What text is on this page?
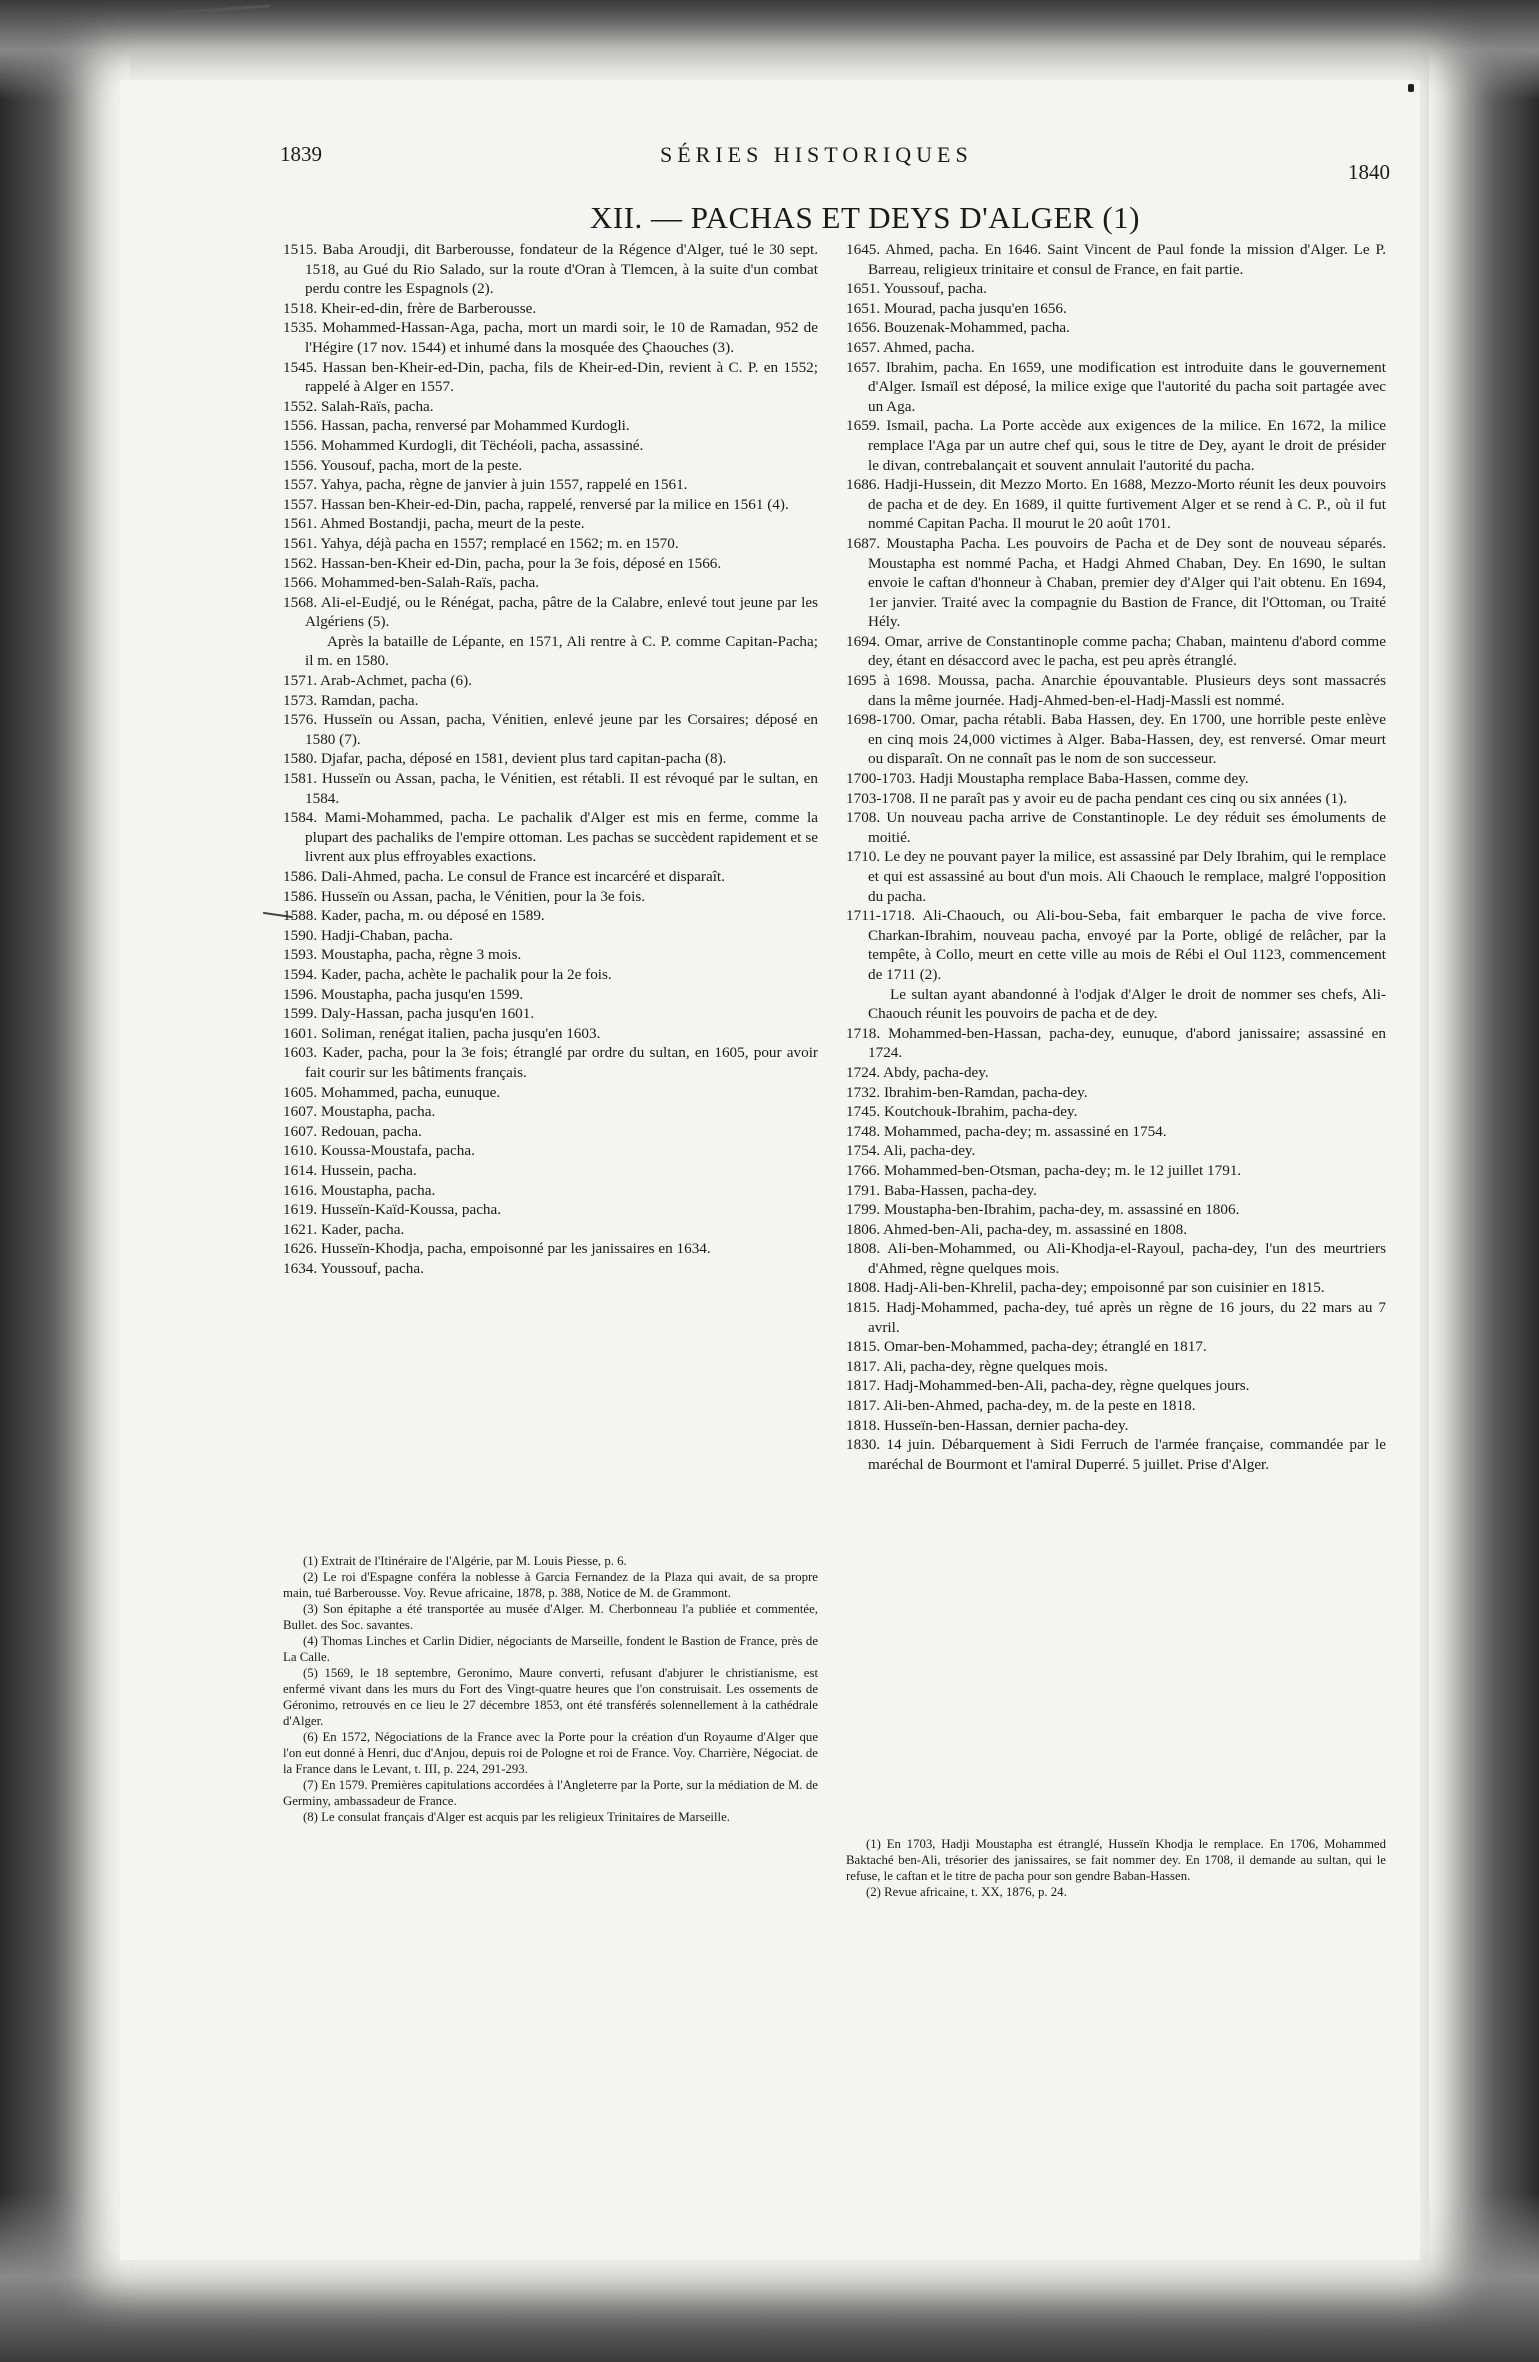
1839	SÉRIES HISTORIQUES
1840
XII. — PACHAS ET DEYS D'ALGER (1)

1515. Baba Aroudji, dit Barberousse, fondateur de la Régence d'Alger, tué le 30 sept. 1518, au Gué du Rio Salado, sur la route d'Oran à Tlemcen, à la suite d'un combat perdu contre les Espagnols (2).

1518. Kheir-ed-din, frère de Barberousse.

1535. Mohammed-Hassan-Aga, pacha, mort un mardi soir, le 10 de Ramadan, 952 de l'Hégire (17 nov. 1544) et inhumé dans la mosquée des Çhaouches (3).

1545. Hassan ben-Kheir-ed-Din, pacha, fils de Kheir-ed-Din, revient à C. P. en 1552; rappelé à Alger en 1557.

1552. Salah-Raïs, pacha.

1556. Hassan, pacha, renversé par Mohammed Kurdogli.

1556. Mohammed Kurdogli, dit Tëchéoli, pacha, assassiné.

1556. Yousouf, pacha, mort de la peste.

1557. Yahya, pacha, règne de janvier à juin 1557, rappelé en 1561.

1557. Hassan ben-Kheir-ed-Din, pacha, rappelé, renversé par la milice en 1561 (4).

1561. Ahmed Bostandji, pacha, meurt de la peste.

1561. Yahya, déjà pacha en 1557; remplacé en 1562; m. en 1570.

1562. Hassan-ben-Kheir ed-Din, pacha, pour la 3e fois, déposé en 1566.

1566. Mohammed-ben-Salah-Raïs, pacha.

1568. Ali-el-Eudjé, ou le Rénégat, pacha, pâtre de la Calabre, enlevé tout jeune par les Algériens (5).

Après la bataille de Lépante, en 1571, Ali rentre à C. P. comme Capitan-Pacha; il m. en 1580.

1571. Arab-Achmet, pacha (6).

1573. Ramdan, pacha.

1576. Husseïn ou Assan, pacha, Vénitien, enlevé jeune par les Corsaires; déposé en 1580 (7).

1580. Djafar, pacha, déposé en 1581, devient plus tard capitan-pacha (8).

1581. Husseïn ou Assan, pacha, le Vénitien, est rétabli. Il est révoqué par le sultan, en 1584.

1584. Mami-Mohammed, pacha. Le pachalik d'Alger est mis en ferme, comme la plupart des pachaliks de l'empire ottoman. Les pachas se succèdent rapidement et se livrent aux plus effroyables exactions.

1586. Dali-Ahmed, pacha. Le consul de France est incarcéré et disparaît.

1586. Husseïn ou Assan, pacha, le Vénitien, pour la 3e fois.

1588. Kader, pacha, m. ou déposé en 1589.

1590. Hadji-Chaban, pacha.

1593. Moustapha, pacha, règne 3 mois.

1594. Kader, pacha, achète le pachalik pour la 2e fois.

1596. Moustapha, pacha jusqu'en 1599.

1599. Daly-Hassan, pacha jusqu'en 1601.

1601. Soliman, renégat italien, pacha jusqu'en 1603.

1603. Kader, pacha, pour la 3e fois; étranglé par ordre du sultan, en 1605, pour avoir fait courir sur les bâtiments français.

1605. Mohammed, pacha, eunuque.

1607. Moustapha, pacha.

1607. Redouan, pacha.

1610. Koussa-Moustafa, pacha.

1614. Hussein, pacha.

1616. Moustapha, pacha.

1619. Husseïn-Kaïd-Koussa, pacha.

1621. Kader, pacha.

1626. Husseïn-Khodja, pacha, empoisonné par les janissaires en 1634.

1634. Youssouf, pacha.

1645. Ahmed, pacha. En 1646. Saint Vincent de Paul fonde la mission d'Alger. Le P. Barreau, religieux trinitaire et consul de France, en fait partie.

1651. Youssouf, pacha.

1651. Mourad, pacha jusqu'en 1656.

1656. Bouzenak-Mohammed, pacha.

1657. Ahmed, pacha.

1657. Ibrahim, pacha. En 1659, une modification est introduite dans le gouvernement d'Alger. Ismaïl est déposé, la milice exige que l'autorité du pacha soit partagée avec un Aga.

1659. Ismail, pacha. La Porte accède aux exigences de la milice. En 1672, la milice remplace l'Aga par un autre chef qui, sous le titre de Dey, ayant le droit de présider le divan, contrebalançait et souvent annulait l'autorité du pacha.

1686. Hadji-Hussein, dit Mezzo Morto. En 1688, Mezzo-Morto réunit les deux pouvoirs de pacha et de dey. En 1689, il quitte furtivement Alger et se rend à C. P., où il fut nommé Capitan Pacha. Il mourut le 20 août 1701.

1687. Moustapha Pacha. Les pouvoirs de Pacha et de Dey sont de nouveau séparés. Moustapha est nommé Pacha, et Hadgi Ahmed Chaban, Dey. En 1690, le sultan envoie le caftan d'honneur à Chaban, premier dey d'Alger qui l'ait obtenu. En 1694, 1er janvier. Traité avec la compagnie du Bastion de France, dit l'Ottoman, ou Traité Hély.

1694. Omar, arrive de Constantinople comme pacha; Chaban, maintenu d'abord comme dey, étant en désaccord avec le pacha, est peu après étranglé.

1695 à 1698. Moussa, pacha. Anarchie épouvantable. Plusieurs deys sont massacrés dans la même journée. Hadj-Ahmed-ben-el-Hadj-Massli est nommé.

1698-1700. Omar, pacha rétabli. Baba Hassen, dey. En 1700, une horrible peste enlève en cinq mois 24,000 victimes à Alger. Baba-Hassen, dey, est renversé. Omar meurt ou disparaît. On ne connaît pas le nom de son successeur.

1700-1703. Hadji Moustapha remplace Baba-Hassen, comme dey.

1703-1708. Il ne paraît pas y avoir eu de pacha pendant ces cinq ou six années (1).

1708. Un nouveau pacha arrive de Constantinople. Le dey réduit ses émoluments de moitié.

1710. Le dey ne pouvant payer la milice, est assassiné par Dely Ibrahim, qui le remplace et qui est assassiné au bout d'un mois. Ali Chaouch le remplace, malgré l'opposition du pacha.

1711-1718. Ali-Chaouch, ou Ali-bou-Seba, fait embarquer le pacha de vive force. Charkan-Ibrahim, nouveau pacha, envoyé par la Porte, obligé de relâcher, par la tempête, à Collo, meurt en cette ville au mois de Rébi el Oul 1123, commencement de 1711 (2).

Le sultan ayant abandonné à l'odjak d'Alger le droit de nommer ses chefs, Ali-Chaouch réunit les pouvoirs de pacha et de dey.

1718. Mohammed-ben-Hassan, pacha-dey, eunuque, d'abord janissaire; assassiné en 1724.

1724. Abdy, pacha-dey.

1732. Ibrahim-ben-Ramdan, pacha-dey.

1745. Koutchouk-Ibrahim, pacha-dey.

1748. Mohammed, pacha-dey; m. assassiné en 1754.

1754. Ali, pacha-dey.

1766. Mohammed-ben-Otsman, pacha-dey; m. le 12 juillet 1791.

1791. Baba-Hassen, pacha-dey.

1799. Moustapha-ben-Ibrahim, pacha-dey, m. assassiné en 1806.

1806. Ahmed-ben-Ali, pacha-dey, m. assassiné en 1808.

1808. Ali-ben-Mohammed, ou Ali-Khodja-el-Rayoul, pacha-dey, l'un des meurtriers d'Ahmed, règne quelques mois.

1808. Hadj-Ali-ben-Khrelil, pacha-dey; empoisonné par son cuisinier en 1815.

1815. Hadj-Mohammed, pacha-dey, tué après un règne de 16 jours, du 22 mars au 7 avril.

1815. Omar-ben-Mohammed, pacha-dey; étranglé en 1817.

1817. Ali, pacha-dey, règne quelques mois.

1817. Hadj-Mohammed-ben-Ali, pacha-dey, règne quelques jours.

1817. Ali-ben-Ahmed, pacha-dey, m. de la peste en 1818.

1818. Husseïn-ben-Hassan, dernier pacha-dey.

1830. 14 juin. Débarquement à Sidi Ferruch de l'armée française, commandée par le maréchal de Bourmont et l'amiral Duperré. 5 juillet. Prise d'Alger.

(1) Extrait de l'Itinéraire de l'Algérie, par M. Louis Piesse, p. 6.

(2) Le roi d'Espagne conféra la noblesse à Garcia Fernandez de la Plaza qui avait, de sa propre main, tué Barberousse. Voy. Revue africaine, 1878, p. 388, Notice de M. de Grammont.

(3) Son épitaphe a été transportée au musée d'Alger. M. Cherbonneau l'a publiée et commentée, Bullet. des Soc. savantes.

(4) Thomas Linches et Carlin Didier, négociants de Marseille, fondent le Bastion de France, près de La Calle.

(5) 1569, le 18 septembre, Geronimo, Maure converti, refusant d'abjurer le christianisme, est enfermé vivant dans les murs du Fort des Vingt-quatre heures que l'on construisait. Les ossements de Géronimo, retrouvés en ce lieu le 27 décembre 1853, ont été transférés solennellement à la cathédrale d'Alger.

(6) En 1572, Négociations de la France avec la Porte pour la création d'un Royaume d'Alger que l'on eut donné à Henri, duc d'Anjou, depuis roi de Pologne et roi de France. Voy. Charrière, Négociat. de la France dans le Levant, t. III, p. 224, 291-293.

(7) En 1579. Premières capitulations accordées à l'Angleterre par la Porte, sur la médiation de M. de Germiny, ambassadeur de France.

(8) Le consulat français d'Alger est acquis par les religieux Trinitaires de Marseille.

(1) En 1703, Hadji Moustapha est étranglé, Husseïn Khodja le remplace. En 1706, Mohammed Baktaché ben-Ali, trésorier des janissaires, se fait nommer dey. En 1708, il demande au sultan, qui le refuse, le caftan et le titre de pacha pour son gendre Baban-Hassen.

(2) Revue africaine, t. XX, 1876, p. 24.
